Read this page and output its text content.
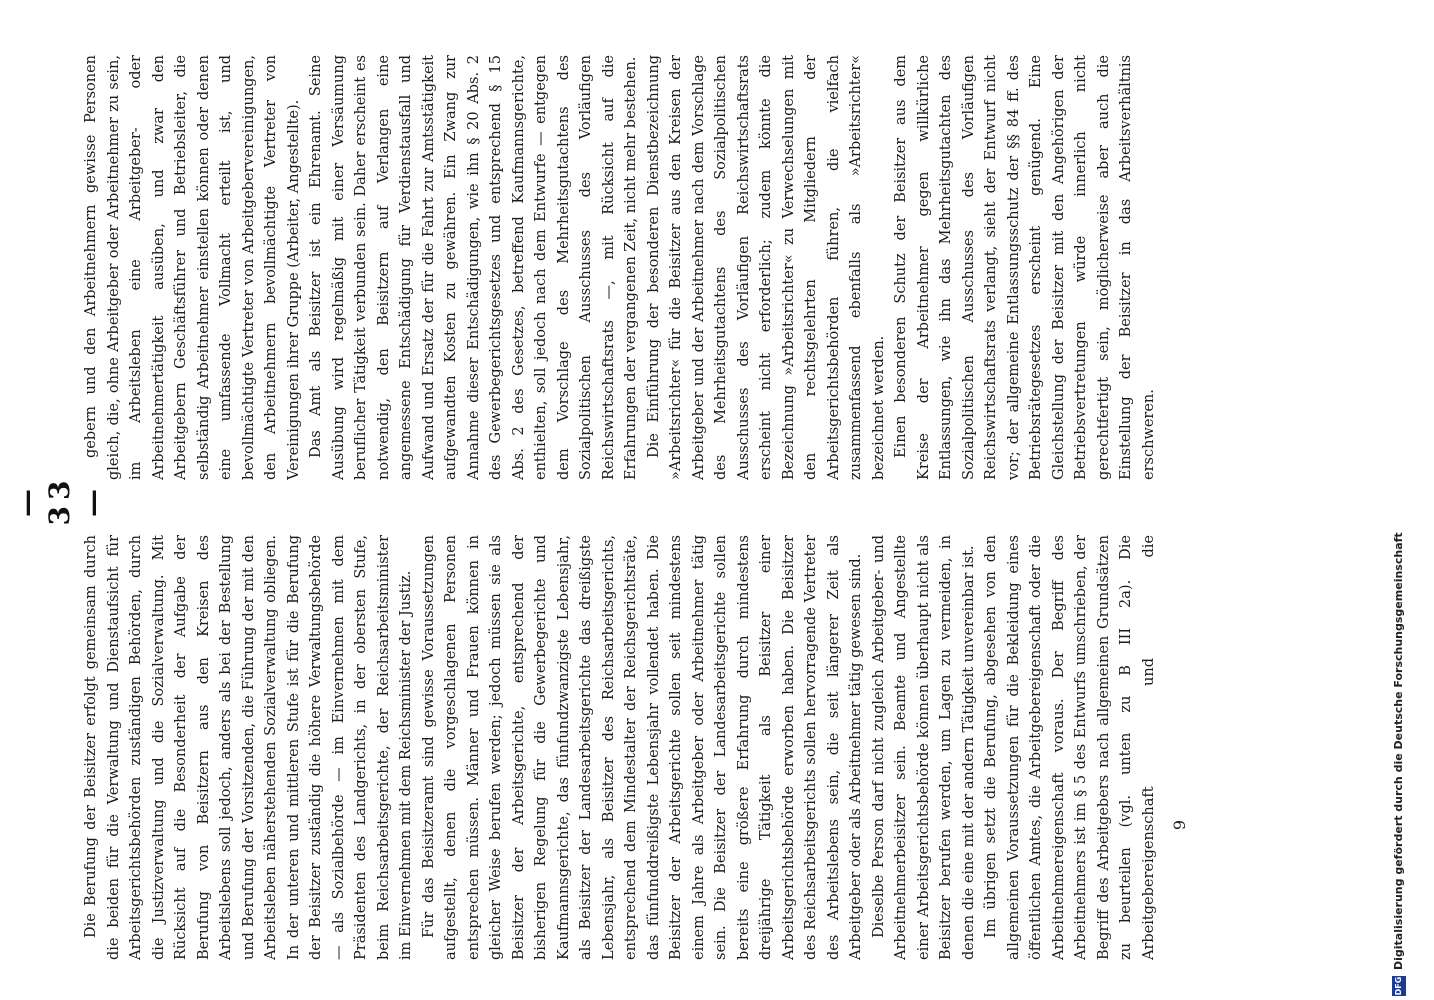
— 33 —

Die Berufung der Beisitzer erfolgt gemeinsam durch die beiden für die Verwaltung und Dienstaufsicht für Arbeitsgerichtsbehörden zuständigen Behörden, durch die Justizverwaltung und die Sozialverwaltung. Mit Rücksicht auf die Besonderheit der Aufgabe der Berufung von Beisitzern aus den Kreisen des Arbeitslebens soll jedoch, anders als bei der Bestellung und Berufung der Vorsitzenden, die Führung der mit den Arbeitsleben näherstehenden Sozialverwaltung obliegen. In der unteren und mittleren Stufe ist für die Berufung der Beisitzer zuständig die höhere Verwaltungsbehörde — als Sozialbehörde — im Einvernehmen mit dem Präsidenten des Landgerichts, in der obersten Stufe, beim Reichsarbeitsgerichte, der Reichsarbeitsminister im Einvernehmen mit dem Reichsminister der Justiz. Für das Beisitzeramt sind gewisse Voraussetzungen aufgestellt, denen die vorgeschlagenen Personen entsprechen müssen. Männer und Frauen können in gleicher Weise berufen werden; jedoch müssen sie als Beisitzer der Arbeitsgerichte, entsprechend der bisherigen Regelung für die Gewerbegerichte und Kaufmannsgerichte, das fünfundzwanzigste Lebensjahr, als Beisitzer der Landesarbeitsgerichte das dreißigste Lebensjahr, als Beisitzer des Reichsarbeitsgerichts, entsprechend dem Mindestalter der Reichsgerichtsräte, das fünfunddreißigste Lebensjahr vollendet haben. Die Beisitzer der Arbeitsgerichte sollen seit mindestens einem Jahre als Arbeitgeber oder Arbeitnehmer tätig sein. Die Beisitzer der Landesarbeitsgerichte sollen bereits eine größere Erfahrung durch mindestens dreijährige Tätigkeit als Beisitzer einer Arbeitsgerichtsbehörde erworben haben. Die Beisitzer des Reichsarbeitsgerichts sollen hervorragende Vertreter des Arbeitslebens sein, die seit längerer Zeit als Arbeitgeber oder als Arbeitnehmer tätig gewesen sind. Dieselbe Person darf nicht zugleich Arbeitgeber- und Arbeitnehmerbeisitzer sein. Beamte und Angestellte einer Arbeitsgerichtsbehörde können überhaupt nicht als Beisitzer berufen werden, um Lagen zu vermeiden, in denen die eine mit der andern Tätigkeit unvereinbar ist. Im übrigen setzt die Berufung, abgesehen von den allgemeinen Voraussetzungen für die Bekleidung eines öffentlichen Amtes, die Arbeitgebereigenschaft oder die Arbeitnehmereigenschaft voraus. Der Begriff des Arbeitnehmers ist im § 5 des Entwurfs umschrieben, der Begriff des Arbeitgebers nach allgemeinen Grundsätzen zu beurteilen (vgl. unten zu B III 2a). Die Arbeitgebereigenschaft und die

gebern und den Arbeitnehmern gewisse Personen gleich, die, ohne Arbeitgeber oder Arbeitnehmer zu sein, im Arbeitsleben eine Arbeitgeber- oder Arbeitnehmertätigkeit ausüben, und zwar den Arbeitgebern Geschäftsführer und Betriebsleiter, die selbständig Arbeitnehmer einstellen können oder denen eine umfassende Vollmacht erteilt ist, und bevollmächtigte Vertreter von Arbeitgebervereinigungen, den Arbeitnehmern bevollmächtigte Vertreter von Vereinigungen ihrer Gruppe (Arbeiter, Angestellte). Das Amt als Beisitzer ist ein Ehrenamt. Seine Ausübung wird regelmäßig mit einer Versäumung beruflicher Tätigkeit verbunden sein. Daher erscheint es notwendig, den Beisitzern auf Verlangen eine angemessene Entschädigung für Verdienstausfall und Aufwand und Ersatz der für die Fahrt zur Amtsstätigkeit aufgewandten Kosten zu gewähren. Ein Zwang zur Annahme dieser Entschädigungen, wie ihn § 20 Abs. 2 des Gewerbegerichtsgesetzes und entsprechend § 15 Abs. 2 des Gesetzes, betreffend Kaufmannsgerichte, enthielten, soll jedoch nach dem Entwurfe — entgegen dem Vorschlage des Mehrheitsgutachtens des Sozialpolitischen Ausschusses des Vorläufigen Reichswirtschaftsrats —, mit Rücksicht auf die Erfahrungen der vergangenen Zeit, nicht mehr bestehen. Die Einführung der besonderen Dienstbezeichnung »Arbeitsrichter« für die Beisitzer aus den Kreisen der Arbeitgeber und der Arbeitnehmer nach dem Vorschlage des Mehrheitsgutachtens des Sozialpolitischen Ausschusses des Vorläufigen Reichswirtschaftsrats erscheint nicht erforderlich; zudem könnte die Bezeichnung »Arbeitsrichter« zu Verwechselungen mit den rechtsgelehrten Mitgliedern der Arbeitsgerichtsbehörden führen, die vielfach zusammenfassend ebenfalls als »Arbeitsrichter« bezeichnet werden. Einen besonderen Schutz der Beisitzer aus dem Kreise der Arbeitnehmer gegen willkürliche Entlassungen, wie ihn das Mehrheitsgutachten des Sozialpolitischen Ausschusses des Vorläufigen Reichswirtschaftsrats verlangt, sieht der Entwurf nicht vor; der allgemeine Entlassungsschutz der §§ 84 ff. des Betriebsrätegesetzes erscheint genügend. Eine Gleichstellung der Beisitzer mit den Angehörigen der Betriebsvertretungen würde innerlich nicht gerechtfertigt sein, möglicherweise aber auch die Einstellung der Beisitzer in das Arbeitsverhältnis erschweren.

9
DFG
Digitalisierung gefördert durch die Deutsche Forschungsgemeinschaft
